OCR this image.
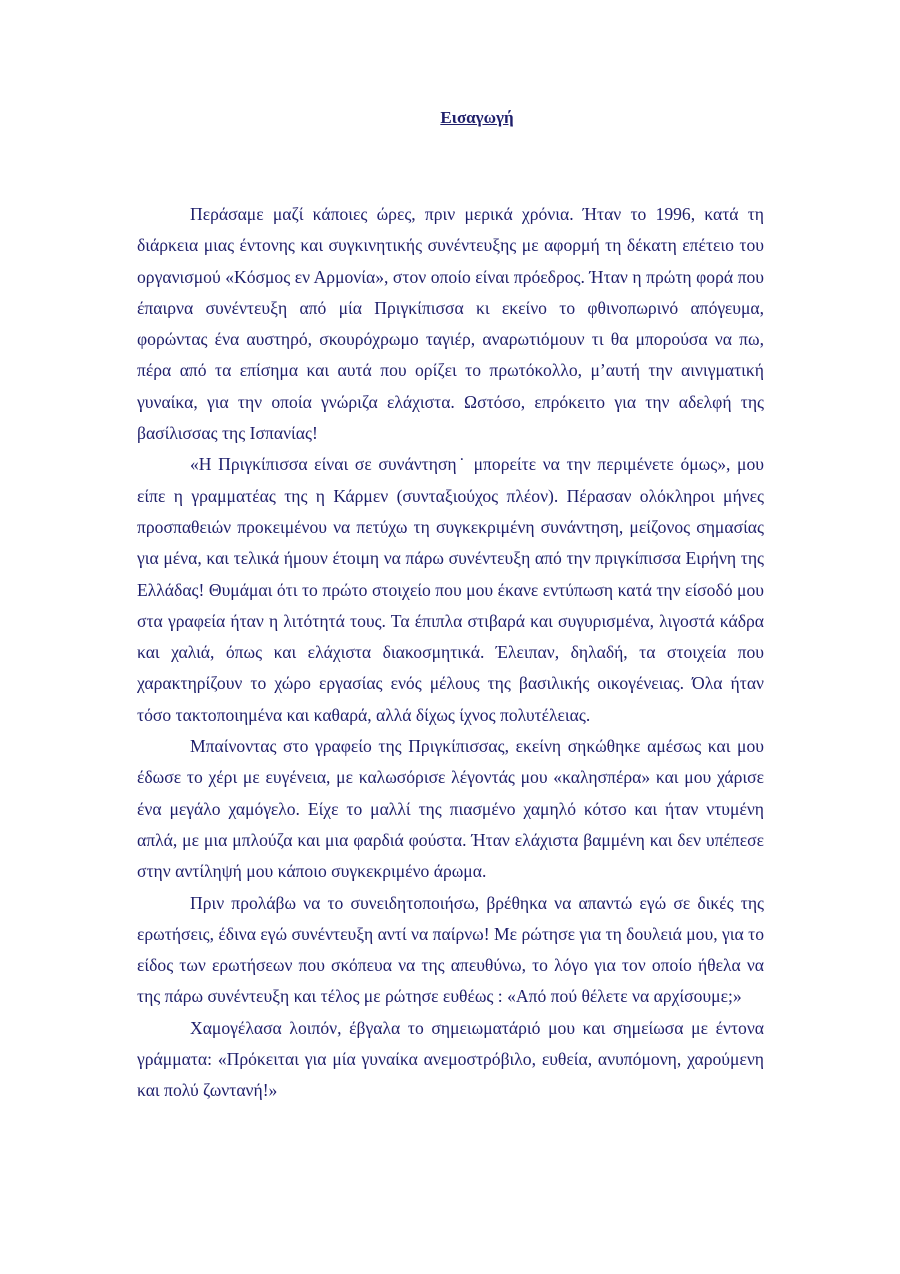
Εισαγωγή

Περάσαμε μαζί κάποιες ώρες, πριν μερικά χρόνια. Ήταν το 1996, κατά τη διάρκεια μιας έντονης και συγκινητικής συνέντευξης με αφορμή τη δέκατη επέτειο του οργανισμού «Κόσμος εν Αρμονία», στον οποίο είναι πρόεδρος. Ήταν η πρώτη φορά που έπαιρνα συνέντευξη από μία Πριγκίπισσα κι εκείνο το φθινοπωρινό απόγευμα, φορώντας ένα αυστηρό, σκουρόχρωμο ταγιέρ, αναρωτιόμουν τι θα μπορούσα να πω, πέρα από τα επίσημα και αυτά που ορίζει το πρωτόκολλο, μ’αυτή την αινιγματική γυναίκα, για την οποία γνώριζα ελάχιστα. Ωστόσο, επρόκειτο για την αδελφή της βασίλισσας της Ισπανίας!

«Η Πριγκίπισσα είναι σε συνάντηση˙ μπορείτε να την περιμένετε όμως», μου είπε η γραμματέας της η Κάρμεν (συνταξιούχος πλέον). Πέρασαν ολόκληροι μήνες προσπαθειών προκειμένου να πετύχω τη συγκεκριμένη συνάντηση, μείζονος σημασίας για μένα, και τελικά ήμουν έτοιμη να πάρω συνέντευξη από την πριγκίπισσα Ειρήνη της Ελλάδας! Θυμάμαι ότι το πρώτο στοιχείο που μου έκανε εντύπωση κατά την είσοδό μου στα γραφεία ήταν η λιτότητά τους. Τα έπιπλα στιβαρά και συγυρισμένα, λιγοστά κάδρα και χαλιά, όπως και ελάχιστα διακοσμητικά. Έλειπαν, δηλαδή, τα στοιχεία που χαρακτηρίζουν το χώρο εργασίας ενός μέλους της βασιλικής οικογένειας. Όλα ήταν τόσο τακτοποιημένα και καθαρά, αλλά δίχως ίχνος πολυτέλειας.

Μπαίνοντας στο γραφείο της Πριγκίπισσας, εκείνη σηκώθηκε αμέσως και μου έδωσε το χέρι με ευγένεια, με καλωσόρισε λέγοντάς μου «καλησπέρα» και μου χάρισε ένα μεγάλο χαμόγελο. Είχε το μαλλί της πιασμένο χαμηλό κότσο και ήταν ντυμένη απλά, με μια μπλούζα και μια φαρδιά φούστα. Ήταν ελάχιστα βαμμένη και δεν υπέπεσε στην αντίληψή μου κάποιο συγκεκριμένο άρωμα.

Πριν προλάβω να το συνειδητοποιήσω, βρέθηκα να απαντώ εγώ σε δικές της ερωτήσεις, έδινα εγώ συνέντευξη αντί να παίρνω! Με ρώτησε για τη δουλειά μου, για το είδος των ερωτήσεων που σκόπευα να της απευθύνω, το λόγο για τον οποίο ήθελα να της πάρω συνέντευξη και τέλος με ρώτησε ευθέως : «Από πού θέλετε να αρχίσουμε;»

Χαμογέλασα λοιπόν, έβγαλα το σημειωματάριό μου και σημείωσα με έντονα γράμματα: «Πρόκειται για μία γυναίκα ανεμοστρόβιλο, ευθεία, ανυπόμονη, χαρούμενη και πολύ ζωντανή!»
